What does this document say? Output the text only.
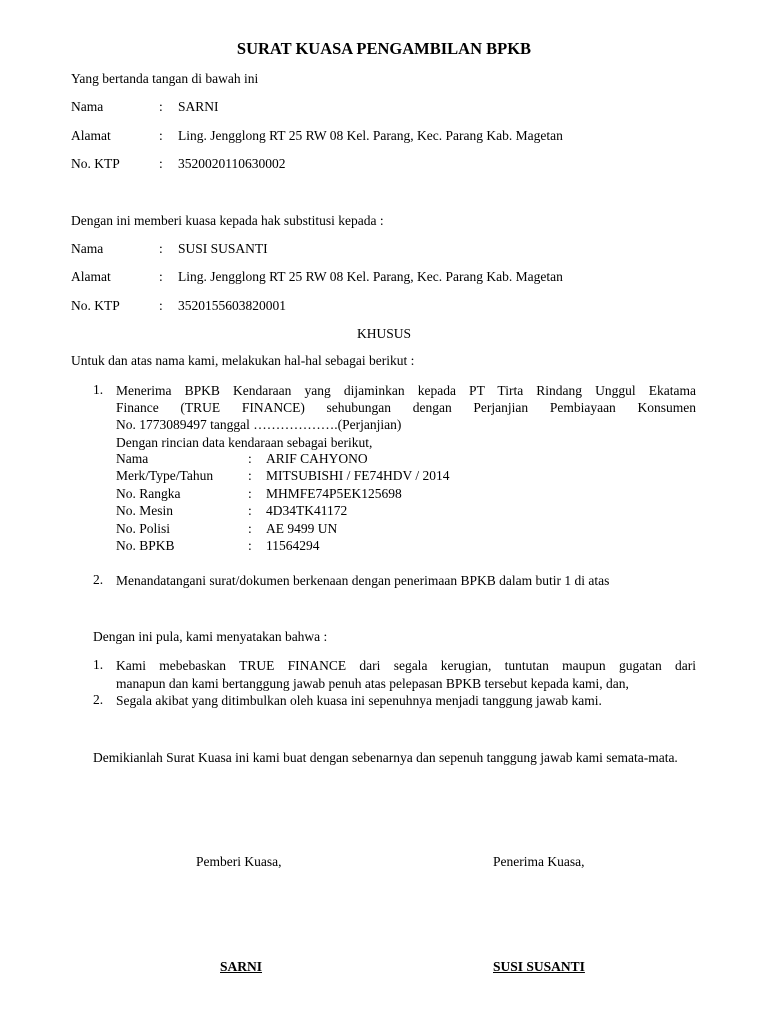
SURAT KUASA PENGAMBILAN BPKB
Yang bertanda tangan di bawah ini
Nama	: SARNI
Alamat	: Ling. Jengglong RT 25 RW 08 Kel. Parang, Kec. Parang Kab. Magetan
No. KTP	: 3520020110630002
Dengan ini memberi kuasa kepada hak substitusi kepada :
Nama	: SUSI SUSANTI
Alamat	: Ling. Jengglong RT 25 RW 08 Kel. Parang, Kec. Parang Kab. Magetan
No. KTP	: 3520155603820001
KHUSUS
Untuk dan atas nama kami, melakukan hal-hal sebagai berikut :
1. Menerima BPKB Kendaraan yang dijaminkan kepada PT Tirta Rindang Unggul Ekatama
Finance (TRUE FINANCE) sehubungan dengan Perjanjian Pembiayaan Konsumen
No. 1773089497 tanggal ……………….(Perjanjian)
Dengan rincian data kendaraan sebagai berikut,
Nama	: ARIF CAHYONO
Merk/Type/Tahun	: MITSUBISHI / FE74HDV / 2014
No. Rangka	: MHMFE74P5EK125698
No. Mesin	: 4D34TK41172
No. Polisi	: AE 9499 UN
No. BPKB	: 11564294
2. Menandatangani surat/dokumen berkenaan dengan penerimaan BPKB dalam butir 1 di atas
Dengan ini pula, kami menyatakan bahwa :
1. Kami mebebaskan TRUE FINANCE dari segala kerugian, tuntutan maupun gugatan dari
manapun dan kami bertanggung jawab penuh atas pelepasan BPKB tersebut kepada kami, dan,
2. Segala akibat yang ditimbulkan oleh kuasa ini sepenuhnya menjadi tanggung jawab kami.
Demikianlah Surat Kuasa ini kami buat dengan sebenarnya dan sepenuh tanggung jawab kami semata-mata.
Pemberi Kuasa,	Penerima Kuasa,
SARNI	SUSI SUSANTI
